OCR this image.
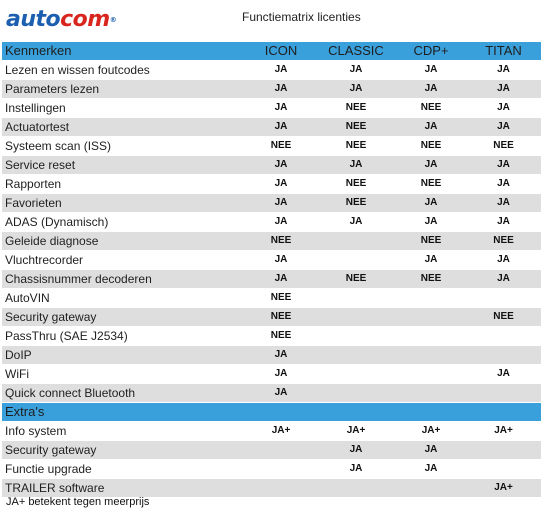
autocom®	Functiematrix licenties
Kenmerken	ICON	CLASSIC	CDP+	TITAN
Lezen en wissen foutcodes	JA	JA	JA	JA
Parameters lezen	JA	JA	JA	JA
Instellingen	JA	NEE	NEE	JA
Actuatortest	JA	NEE	JA	JA
Systeem scan (ISS)	NEE	NEE	NEE	NEE
Service reset	JA	JA	JA	JA
Rapporten	JA	NEE	NEE	JA
Favorieten	JA	NEE	JA	JA
ADAS (Dynamisch)	JA	JA	JA	JA
Geleide diagnose	NEE		NEE	NEE
Vluchtrecorder	JA		JA	JA
Chassisnummer decoderen	JA	NEE	NEE	JA
AutoVIN	NEE			
Security gateway	NEE			NEE
PassThru (SAE J2534)	NEE			
DoIP	JA			
WiFi	JA			JA
Quick connect Bluetooth	JA			
Extra's				
Info system	JA+	JA+	JA+	JA+
Security gateway		JA	JA	
Functie upgrade		JA	JA	
TRAILER software				JA+
JA+ betekent tegen meerprijs
